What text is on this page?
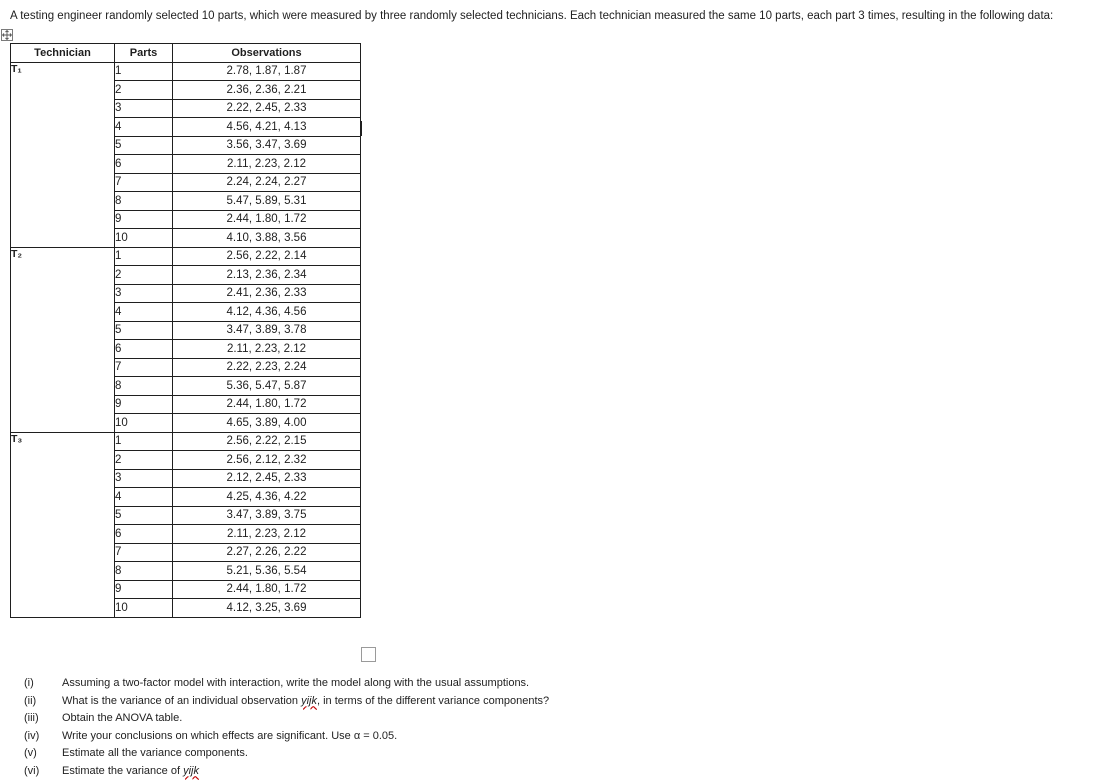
A testing engineer randomly selected 10 parts, which were measured by three randomly selected technicians. Each technician measured the same 10 parts, each part 3 times, resulting in the following data:
Technician	Parts	Observations
T₁	1	2.78, 1.87, 1.87
	2	2.36, 2.36, 2.21
	3	2.22, 2.45, 2.33
	4	4.56, 4.21, 4.13
	5	3.56, 3.47, 3.69
	6	2.11, 2.23, 2.12
	7	2.24, 2.24, 2.27
	8	5.47, 5.89, 5.31
	9	2.44, 1.80, 1.72
	10	4.10, 3.88, 3.56
T₂	1	2.56, 2.22, 2.14
	2	2.13, 2.36, 2.34
	3	2.41, 2.36, 2.33
	4	4.12, 4.36, 4.56
	5	3.47, 3.89, 3.78
	6	2.11, 2.23, 2.12
	7	2.22, 2.23, 2.24
	8	5.36, 5.47, 5.87
	9	2.44, 1.80, 1.72
	10	4.65, 3.89, 4.00
T₃	1	2.56, 2.22, 2.15
	2	2.56, 2.12, 2.32
	3	2.12, 2.45, 2.33
	4	4.25, 4.36, 4.22
	5	3.47, 3.89, 3.75
	6	2.11, 2.23, 2.12
	7	2.27, 2.26, 2.22
	8	5.21, 5.36, 5.54
	9	2.44, 1.80, 1.72
	10	4.12, 3.25, 3.69
(i)	Assuming a two-factor model with interaction, write the model along with the usual assumptions.
(ii)	What is the variance of an individual observation yijk, in terms of the different variance components?
(iii)	Obtain the ANOVA table.
(iv)	Write your conclusions on which effects are significant. Use α = 0.05.
(v)	Estimate all the variance components.
(vi)	Estimate the variance of yijk
